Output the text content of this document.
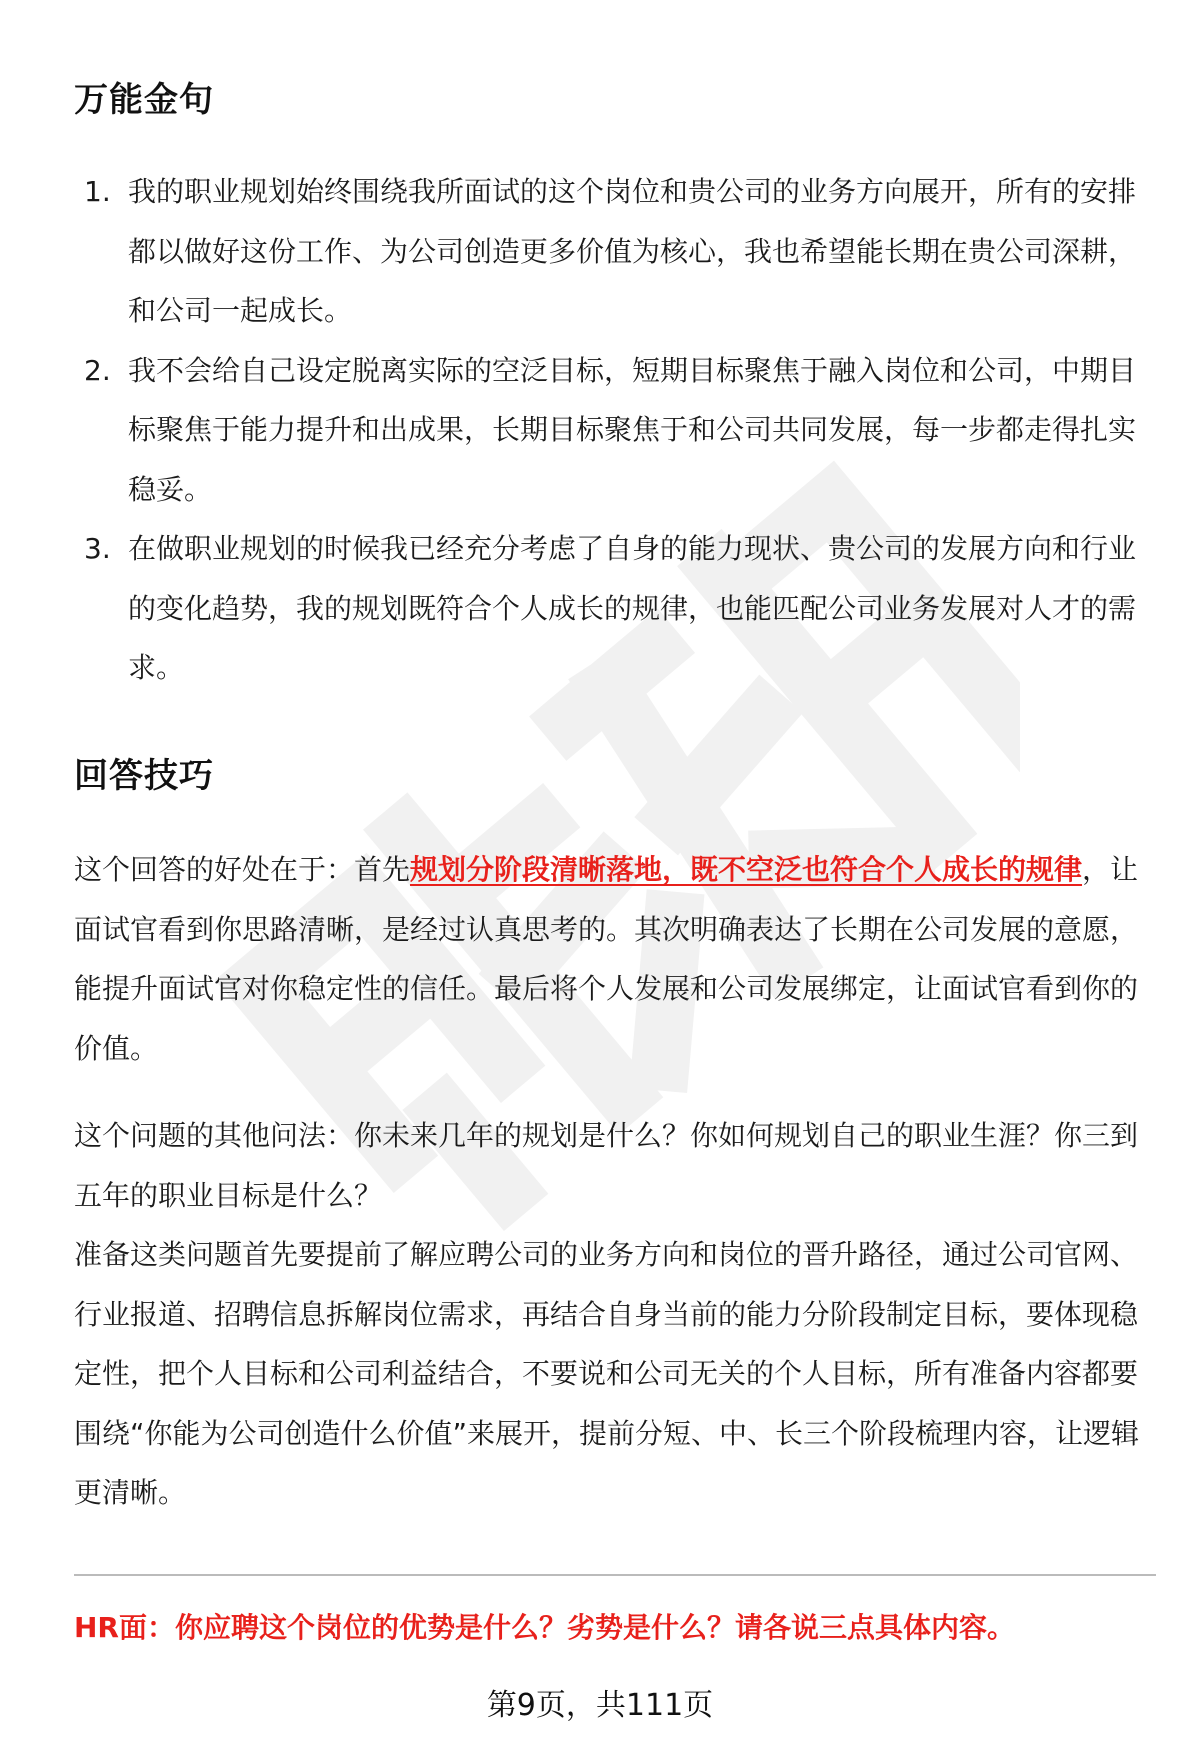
万能金句
1. 我的职业规划始终围绕我所面试的这个岗位和贵公司的业务方向展开，所有的安排都以做好这份工作、为公司创造更多价值为核心，我也希望能长期在贵公司深耕，和公司一起成长。
2. 我不会给自己设定脱离实际的空泛目标，短期目标聚焦于融入岗位和公司，中期目标聚焦于能力提升和出成果，长期目标聚焦于和公司共同发展，每一步都走得扎实稳妥。
3. 在做职业规划的时候我已经充分考虑了自身的能力现状、贵公司的发展方向和行业的变化趋势，我的规划既符合个人成长的规律，也能匹配公司业务发展对人才的需求。
回答技巧

这个回答的好处在于：首先规划分阶段清晰落地，既不空泛也符合个人成长的规律，让面试官看到你思路清晰，是经过认真思考的。其次明确表达了长期在公司发展的意愿，能提升面试官对你稳定性的信任。最后将个人发展和公司发展绑定，让面试官看到你的价值。

这个问题的其他问法：你未来几年的规划是什么？你如何规划自己的职业生涯？你三到五年的职业目标是什么？
准备这类问题首先要提前了解应聘公司的业务方向和岗位的晋升路径，通过公司官网、行业报道、招聘信息拆解岗位需求，再结合自身当前的能力分阶段制定目标，要体现稳定性，把个人目标和公司利益结合，不要说和公司无关的个人目标，所有准备内容都要围绕“你能为公司创造什么价值”来展开，提前分短、中、长三个阶段梳理内容，让逻辑更清晰。

HR面：你应聘这个岗位的优势是什么？劣势是什么？请各说三点具体内容。

第9页，共111页
